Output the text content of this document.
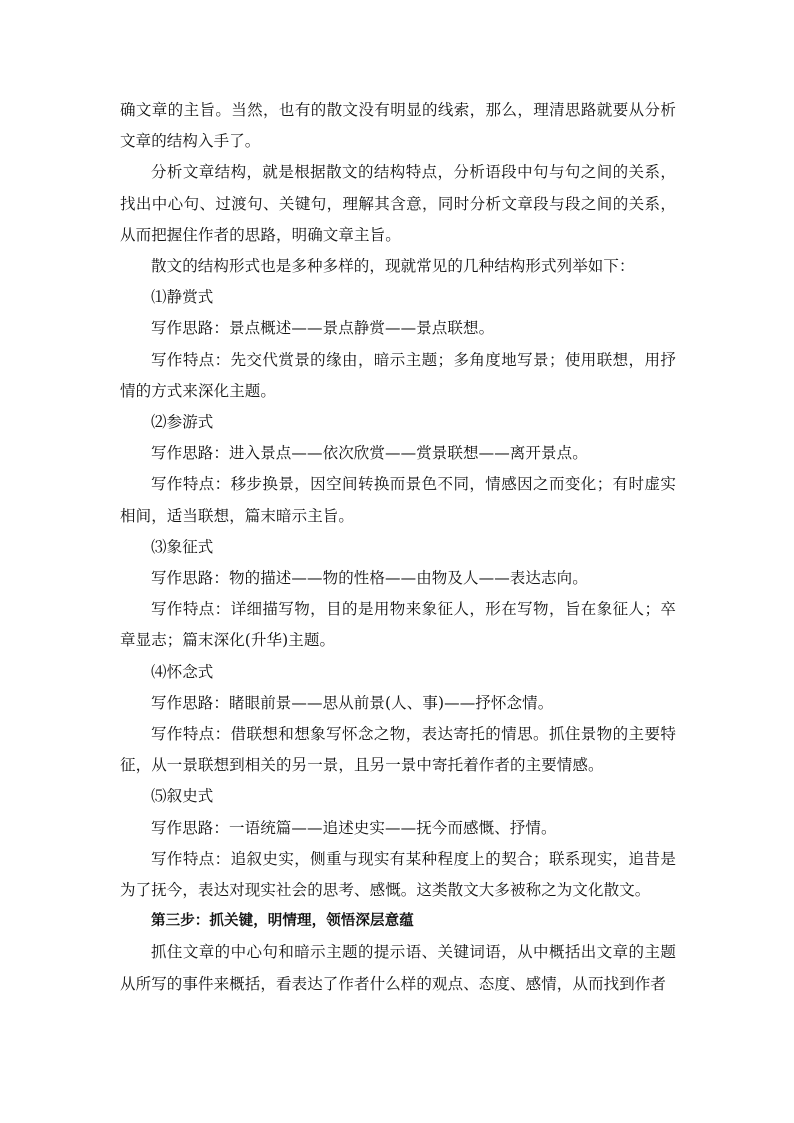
确文章的主旨。当然，也有的散文没有明显的线索，那么，理清思路就要从分析文章的结构入手了。

分析文章结构，就是根据散文的结构特点，分析语段中句与句之间的关系，找出中心句、过渡句、关键句，理解其含意，同时分析文章段与段之间的关系，从而把握住作者的思路，明确文章主旨。

散文的结构形式也是多种多样的，现就常见的几种结构形式列举如下：

⑴静赏式

写作思路：景点概述——景点静赏——景点联想。

写作特点：先交代赏景的缘由，暗示主题；多角度地写景；使用联想，用抒情的方式来深化主题。

⑵参游式

写作思路：进入景点——依次欣赏——赏景联想——离开景点。

写作特点：移步换景，因空间转换而景色不同，情感因之而变化；有时虚实相间，适当联想，篇末暗示主旨。

⑶象征式

写作思路：物的描述——物的性格——由物及人——表达志向。

写作特点：详细描写物，目的是用物来象征人，形在写物，旨在象征人；卒章显志；篇末深化(升华)主题。

⑷怀念式

写作思路：睹眼前景——思从前景(人、事)——抒怀念情。

写作特点：借联想和想象写怀念之物，表达寄托的情思。抓住景物的主要特征，从一景联想到相关的另一景，且另一景中寄托着作者的主要情感。

⑸叙史式

写作思路：一语统篇——追述史实——抚今而感慨、抒情。

写作特点：追叙史实，侧重与现实有某种程度上的契合；联系现实，追昔是为了抚今，表达对现实社会的思考、感慨。这类散文大多被称之为文化散文。

第三步：抓关键，明情理，领悟深层意蕴

抓住文章的中心句和暗示主题的提示语、关键词语，从中概括出文章的主题从所写的事件来概括，看表达了作者什么样的观点、态度、感情，从而找到作者
